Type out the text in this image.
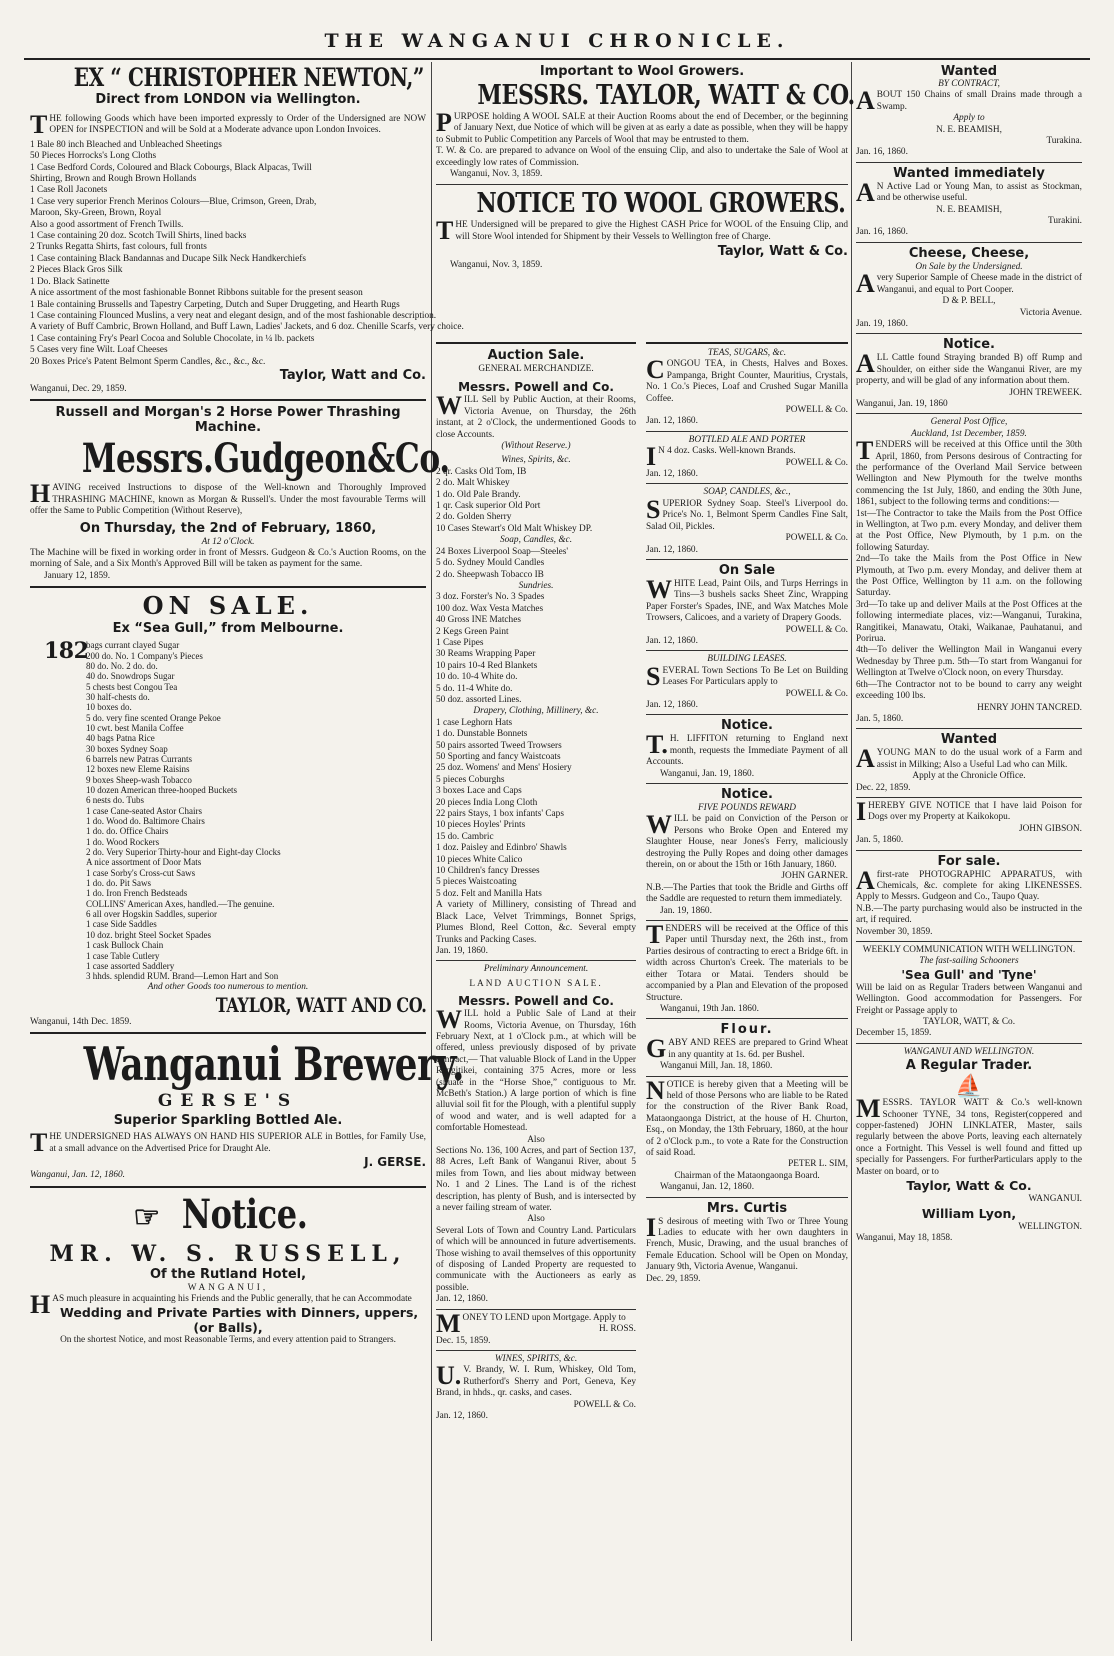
THE WANGANUI CHRONICLE.
EX “ CHRISTOPHER NEWTON,”
Direct from LONDON via Wellington.
THE following Goods which have been imported expressly to Order of the Undersigned are NOW OPEN for INSPECTION and will be Sold at a Moderate advance upon London Invoices.
1 Bale 80 inch Bleached and Unbleached Sheetings
50 Pieces Horrocks's Long Cloths
1 Case Bedford Cords, Coloured and Black Cobourgs, Black Alpacas, Twill
Shirting, Brown and Rough Brown Hollands
1 Case Roll Jaconets
1 Case very superior French Merinos Colours—Blue, Crimson, Green, Drab,
Maroon, Sky-Green, Brown, Royal
Also a good assortment of French Twills.
1 Case containing 20 doz. Scotch Twill Shirts, lined backs
2 Trunks Regatta Shirts, fast colours, full fronts
1 Case containing Black Bandannas and Ducape Silk Neck Handkerchiefs
2 Pieces Black Gros Silk
1 Do. Black Satinette
A nice assortment of the most fashionable Bonnet Ribbons suitable for the present season
1 Bale containing Brussells and Tapestry Carpeting, Dutch and Super Druggeting, and Hearth Rugs
1 Case containing Flounced Muslins, a very neat and elegant design, and of the most fashionable description.
A variety of Buff Cambric, Brown Holland, and Buff Lawn, Ladies' Jackets, and 6 doz. Chenille Scarfs, very choice.
1 Case containing Fry's Pearl Cocoa and Soluble Chocolate, in ¼ lb. packets
5 Cases very fine Wilt. Loaf Cheeses
20 Boxes Price's Patent Belmont Sperm Candles, &c., &c., &c.
Taylor, Watt and Co.
Wanganui, Dec. 29, 1859.
Russell and Morgan's 2 Horse Power Thrashing Machine.
Messrs.Gudgeon&Co.
HAVING received Instructions to dispose of the Well-known and Thoroughly Improved THRASHING MACHINE, known as Morgan & Russell's. Under the most favourable Terms will offer the Same to Public Competition (Without Reserve),
On Thursday, the 2nd of February, 1860,
At 12 o'Clock.
The Machine will be fixed in working order in front of Messrs. Gudgeon & Co.'s Auction Rooms, on the morning of Sale, and a Six Month's Approved Bill will be taken as payment for the same.
January 12, 1859.
ON SALE.
Ex “Sea Gull,” from Melbourne.
182
bags currant clayed Sugar
200 do. No. 1 Company's Pieces
80 do. No. 2 do. do.
40 do. Snowdrops Sugar
5 chests best Congou Tea
30 half-chests do.
10 boxes do.
5 do. very fine scented Orange Pekoe
10 cwt. best Manila Coffee
40 bags Patna Rice
30 boxes Sydney Soap
6 barrels new Patras Currants
12 boxes new Eleme Raisins
9 boxes Sheep-wash Tobacco
10 dozen American three-hooped Buckets
6 nests do. Tubs
1 case Cane-seated Astor Chairs
1 do. Wood do. Baltimore Chairs
1 do. do. Office Chairs
1 do. Wood Rockers
2 do. Very Superior Thirty-hour and Eight-day Clocks
A nice assortment of Door Mats
1 case Sorby's Cross-cut Saws
1 do. do. Pit Saws
1 do. Iron French Bedsteads
COLLINS' American Axes, handled.—The genuine.
6 all over Hogskin Saddles, superior
1 case Side Saddles
10 doz. bright Steel Socket Spades
1 cask Bullock Chain
1 case Table Cutlery
1 case assorted Saddlery
3 hhds. splendid RUM. Brand—Lemon Hart and Son
And other Goods too numerous to mention.
TAYLOR, WATT AND CO.
Wanganui, 14th Dec. 1859.
Wanganui Brewery.
GERSE'S
Superior Sparkling Bottled Ale.
THE UNDERSIGNED HAS ALWAYS ON HAND HIS SUPERIOR ALE in Bottles, for Family Use, at a small advance on the Advertised Price for Draught Ale.
J. GERSE.
Wanganui, Jan. 12, 1860.
☞ Notice.
MR. W. S. RUSSELL,
Of the Rutland Hotel,
WANGANUI,
HAS much pleasure in acquainting his Friends and the Public generally, that he can Accommodate
Wedding and Private Parties with Dinners, uppers, (or Balls),
On the shortest Notice, and most Reasonable Terms, and every attention paid to Strangers.
Important to Wool Growers.
MESSRS. TAYLOR, WATT & CO.
PURPOSE holding A WOOL SALE at their Auction Rooms about the end of December, or the beginning of January Next, due Notice of which will be given at as early a date as possible, when they will be happy to Submit to Public Competition any Parcels of Wool that may be entrusted to them.
T. W. & Co. are prepared to advance on Wool of the ensuing Clip, and also to undertake the Sale of Wool at exceedingly low rates of Commission.
Wanganui, Nov. 3, 1859.
NOTICE TO WOOL GROWERS.
THE Undersigned will be prepared to give the Highest CASH Price for WOOL of the Ensuing Clip, and will Store Wool intended for Shipment by their Vessels to Wellington free of Charge.
Taylor, Watt & Co.
Wanganui, Nov. 3, 1859.
Auction Sale.
GENERAL MERCHANDIZE.
Messrs. Powell and Co.
WILL Sell by Public Auction, at their Rooms, Victoria Avenue, on Thursday, the 26th instant, at 2 o'Clock, the undermentioned Goods to close Accounts.
(Without Reserve.)
Wines, Spirits, &c.
2 qr. Casks Old Tom, IB
2 do. Malt Whiskey
1 do. Old Pale Brandy.
1 qr. Cask superior Old Port
2 do. Golden Sherry
10 Cases Stewart's Old Malt Whiskey DP.
Soap, Candles, &c.
24 Boxes Liverpool Soap—Steeles'
5 do. Sydney Mould Candles
2 do. Sheepwash Tobacco IB
Sundries.
3 doz. Forster's No. 3 Spades
100 doz. Wax Vesta Matches
40 Gross INE Matches
2 Kegs Green Paint
1 Case Pipes
30 Reams Wrapping Paper
10 pairs 10-4 Red Blankets
10 do. 10-4 White do.
5 do. 11-4 White do.
50 doz. assorted Lines.
Drapery, Clothing, Millinery, &c.
1 case Leghorn Hats
1 do. Dunstable Bonnets
50 pairs assorted Tweed Trowsers
50 Sporting and fancy Waistcoats
25 doz. Womens' and Mens' Hosiery
5 pieces Coburghs
3 boxes Lace and Caps
20 pieces India Long Cloth
22 pairs Stays, 1 box infants' Caps
10 pieces Hoyles' Prints
15 do. Cambric
1 doz. Paisley and Edinbro' Shawls
10 pieces White Calico
10 Children's fancy Dresses
5 pieces Waistcoating
5 doz. Felt and Manilla Hats
A variety of Millinery, consisting of Thread and Black Lace, Velvet Trimmings, Bonnet Sprigs, Plumes Blond, Reel Cotton, &c. Several empty Trunks and Packing Cases.
Jan. 19, 1860.
Preliminary Announcement.
LAND AUCTION SALE.
Messrs. Powell and Co.
WILL hold a Public Sale of Land at their Rooms, Victoria Avenue, on Thursday, 16th February Next, at 1 o'Clock p.m., at which will be offered, unless previously disposed of by private contract,— That valuable Block of Land in the Upper Rangitikei, containing 375 Acres, more or less (situate in the “Horse Shoe,” contiguous to Mr. McBeth's Station.) A large portion of which is fine alluvial soil fit for the Plough, with a plentiful supply of wood and water, and is well adapted for a comfortable Homestead.
Also
Sections No. 136, 100 Acres, and part of Section 137, 88 Acres, Left Bank of Wanganui River, about 5 miles from Town, and lies about midway between No. 1 and 2 Lines. The Land is of the richest description, has plenty of Bush, and is intersected by a never failing stream of water.
Also
Several Lots of Town and Country Land. Particulars of which will be announced in future advertisements. Those wishing to avail themselves of this opportunity of disposing of Landed Property are requested to communicate with the Auctioneers as early as possible.
Jan. 12, 1860.
MONEY TO LEND upon Mortgage. Apply to
H. ROSS.
Dec. 15, 1859.
WINES, SPIRITS, &c.
U.V. Brandy, W. I. Rum, Whiskey, Old Tom, Rutherford's Sherry and Port, Geneva, Key Brand, in hhds., qr. casks, and cases.
POWELL & Co.
Jan. 12, 1860.
TEAS, SUGARS, &c.
CONGOU TEA, in Chests, Halves and Boxes. Pampanga, Bright Counter, Mauritius, Crystals, No. 1 Co.'s Pieces, Loaf and Crushed Sugar Manilla Coffee.
POWELL & Co.
Jan. 12, 1860.
BOTTLED ALE AND PORTER
IN 4 doz. Casks. Well-known Brands.
POWELL & Co.
Jan. 12, 1860.
SOAP, CANDLES, &c.,
SUPERIOR Sydney Soap. Steel's Liverpool do. Price's No. 1, Belmont Sperm Candles Fine Salt, Salad Oil, Pickles.
POWELL & Co.
Jan. 12, 1860.
On Sale
WHITE Lead, Paint Oils, and Turps Herrings in Tins—3 bushels sacks Sheet Zinc, Wrapping Paper Forster's Spades, INE, and Wax Matches Mole Trowsers, Calicoes, and a variety of Drapery Goods.
POWELL & Co.
Jan. 12, 1860.
BUILDING LEASES.
SEVERAL Town Sections To Be Let on Building Leases For Particulars apply to
POWELL & Co.
Jan. 12, 1860.
Notice.
T.H. LIFFITON returning to England next month, requests the Immediate Payment of all Accounts.
Wanganui, Jan. 19, 1860.
Notice.
FIVE POUNDS REWARD
WILL be paid on Conviction of the Person or Persons who Broke Open and Entered my Slaughter House, near Jones's Ferry, maliciously destroying the Pully Ropes and doing other damages therein, on or about the 15th or 16th January, 1860.
JOHN GARNER.
N.B.—The Parties that took the Bridle and Girths off the Saddle are requested to return them immediately.
Jan. 19, 1860.
TENDERS will be received at the Office of this Paper until Thursday next, the 26th inst., from Parties desirous of contracting to erect a Bridge 6ft. in width across Churton's Creek. The materials to be either Totara or Matai. Tenders should be accompanied by a Plan and Elevation of the proposed Structure.
Wanganui, 19th Jan. 1860.
Flour.
GABY AND REES are prepared to Grind Wheat in any quantity at 1s. 6d. per Bushel.
Wanganui Mill, Jan. 18, 1860.
NOTICE is hereby given that a Meeting will be held of those Persons who are liable to be Rated for the construction of the River Bank Road, Mataongaonga District, at the house of H. Churton, Esq., on Monday, the 13th February, 1860, at the hour of 2 o'Clock p.m., to vote a Rate for the Construction of said Road.
PETER L. SIM,
Chairman of the Mataongaonga Board.
Wanganui, Jan. 12, 1860.
Mrs. Curtis
IS desirous of meeting with Two or Three Young Ladies to educate with her own daughters in French, Music, Drawing, and the usual branches of Female Education. School will be Open on Monday, January 9th, Victoria Avenue, Wanganui.
Dec. 29, 1859.
Wanted
BY CONTRACT,
ABOUT 150 Chains of small Drains made through a Swamp.
Apply to
N. E. BEAMISH,
Turakina.
Jan. 16, 1860.
Wanted immediately
AN Active Lad or Young Man, to assist as Stockman, and be otherwise useful.
N. E. BEAMISH,
Turakini.
Jan. 16, 1860.
Cheese, Cheese,
On Sale by the Undersigned.
Avery Superior Sample of Cheese made in the district of Wanganui, and equal to Port Cooper.
D & P. BELL,
Victoria Avenue.
Jan. 19, 1860.
Notice.
ALL Cattle found Straying branded B) off Rump and Shoulder, on either side the Wanganui River, are my property, and will be glad of any information about them.
JOHN TREWEEK.
Wanganui, Jan. 19, 1860
General Post Office,
Auckland, 1st December, 1859.
TENDERS will be received at this Office until the 30th April, 1860, from Persons desirous of Contracting for the performance of the Overland Mail Service between Wellington and New Plymouth for the twelve months commencing the 1st July, 1860, and ending the 30th June, 1861, subject to the following terms and conditions:—
1st—The Contractor to take the Mails from the Post Office in Wellington, at Two p.m. every Monday, and deliver them at the Post Office, New Plymouth, by 1 p.m. on the following Saturday.
2nd—To take the Mails from the Post Office in New Plymouth, at Two p.m. every Monday, and deliver them at the Post Office, Wellington by 11 a.m. on the following Saturday.
3rd—To take up and deliver Mails at the Post Offices at the following intermediate places, viz:—Wanganui, Turakina, Rangitikei, Manawatu, Otaki, Waikanae, Pauhatanui, and Porirua.
4th—To deliver the Wellington Mail in Wanganui every Wednesday by Three p.m. 5th—To start from Wanganui for Wellington at Twelve o'Clock noon, on every Thursday.
6th—The Contractor not to be bound to carry any weight exceeding 100 lbs.
HENRY JOHN TANCRED.
Jan. 5, 1860.
Wanted
AYOUNG MAN to do the usual work of a Farm and assist in Milking; Also a Useful Lad who can Milk.
Apply at the Chronicle Office.
Dec. 22, 1859.
IHEREBY GIVE NOTICE that I have laid Poison for Dogs over my Property at Kaikokopu.
JOHN GIBSON.
Jan. 5, 1860.
For sale.
Afirst-rate PHOTOGRAPHIC APPARATUS, with Chemicals, &c. complete for aking LIKENESSES. Apply to Messrs. Gudgeon and Co., Taupo Quay.
N.B.—The party purchasing would also be instructed in the art, if required.
November 30, 1859.
WEEKLY COMMUNICATION WITH WELLINGTON.
The fast-sailing Schooners
'Sea Gull' and 'Tyne'
Will be laid on as Regular Traders between Wanganui and Wellington. Good accommodation for Passengers. For Freight or Passage apply to
TAYLOR, WATT, & Co.
December 15, 1859.
WANGANUI AND WELLINGTON.
A Regular Trader.
⛵
MESSRS. TAYLOR WATT & Co.'s well-known Schooner TYNE, 34 tons, Register(coppered and copper-fastened) JOHN LINKLATER, Master, sails regularly between the above Ports, leaving each alternately once a Fortnight. This Vessel is well found and fitted up specially for Passengers. For furtherParticulars apply to the Master on board, or to
Taylor, Watt & Co.
WANGANUI.
William Lyon,
WELLINGTON.
Wanganui, May 18, 1858.
